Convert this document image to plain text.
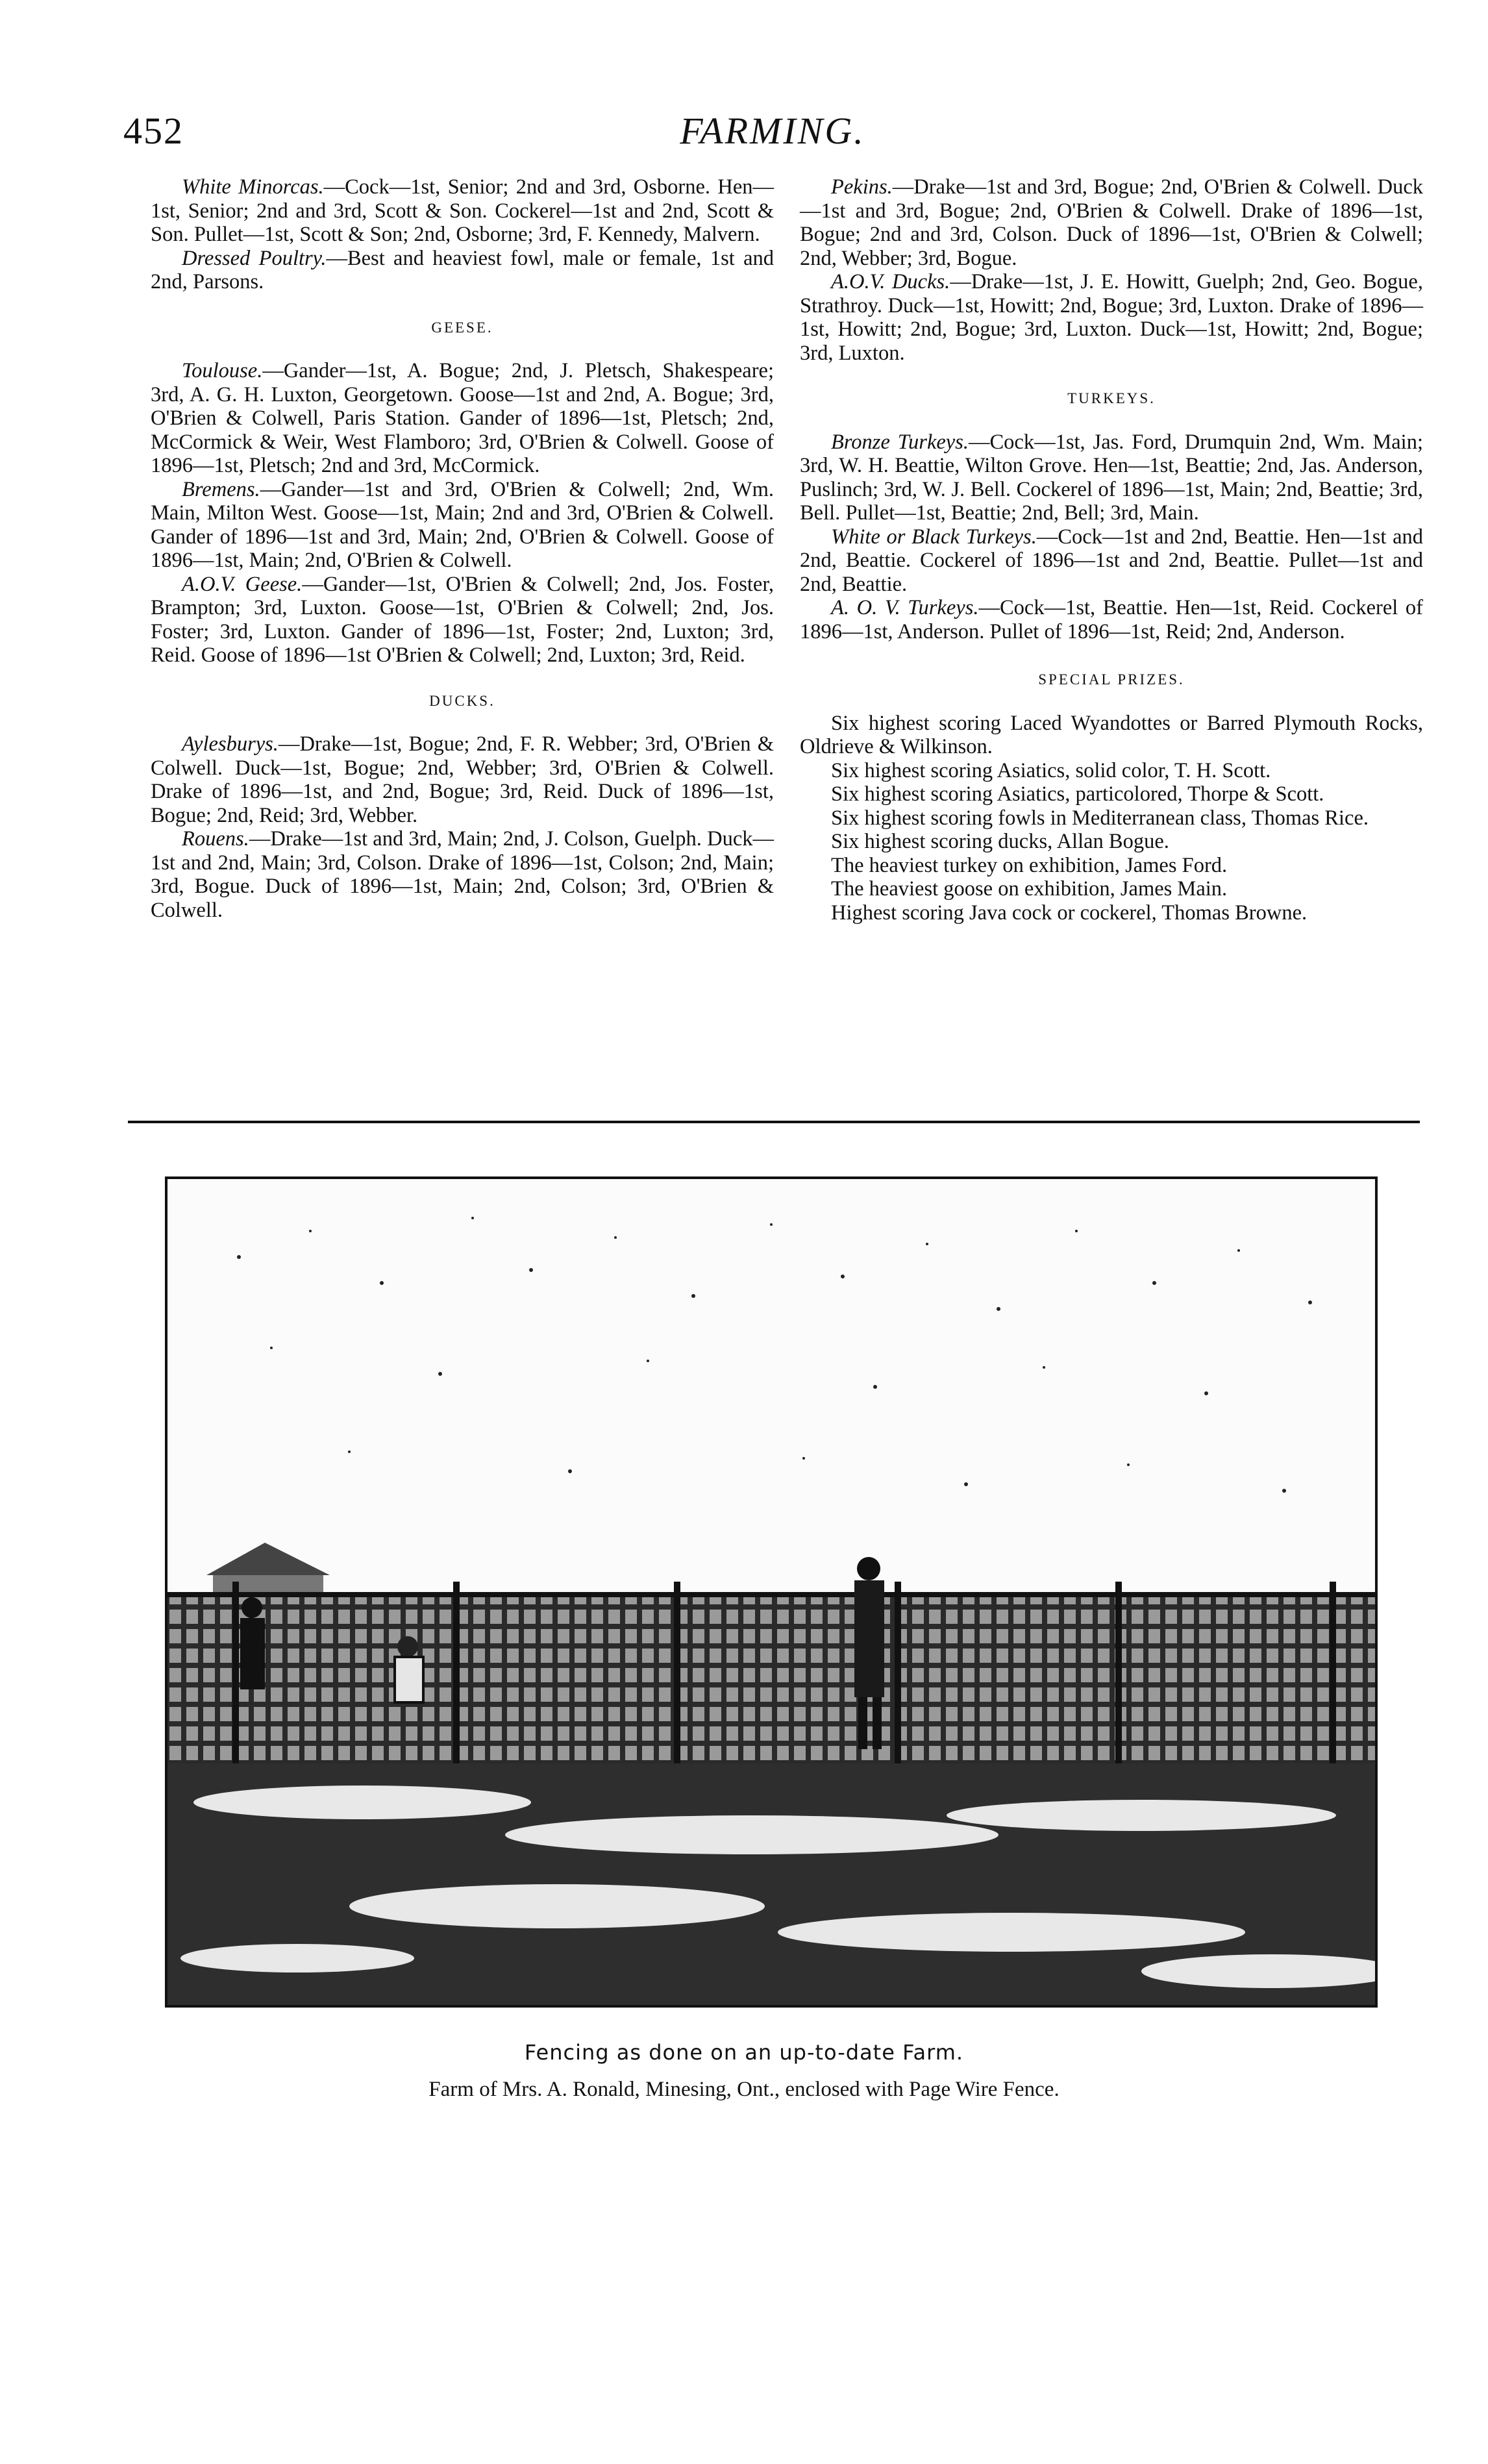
452	FARMING.

White Minorcas.—Cock—1st, Senior; 2nd and 3rd, Osborne. Hen—1st, Senior; 2nd and 3rd, Scott & Son. Cockerel—1st and 2nd, Scott & Son. Pullet—1st, Scott & Son; 2nd, Osborne; 3rd, F. Kennedy, Malvern.

Dressed Poultry.—Best and heaviest fowl, male or female, 1st and 2nd, Parsons.

GEESE.

Toulouse.—Gander—1st, A. Bogue; 2nd, J. Pletsch, Shakespeare; 3rd, A. G. H. Luxton, Georgetown. Goose—1st and 2nd, A. Bogue; 3rd, O'Brien & Colwell, Paris Station. Gander of 1896—1st, Pletsch; 2nd, McCormick & Weir, West Flamboro; 3rd, O'Brien & Colwell. Goose of 1896—1st, Pletsch; 2nd and 3rd, McCormick.

Bremens.—Gander—1st and 3rd, O'Brien & Colwell; 2nd, Wm. Main, Milton West. Goose—1st, Main; 2nd and 3rd, O'Brien & Colwell. Gander of 1896—1st and 3rd, Main; 2nd, O'Brien & Colwell. Goose of 1896—1st, Main; 2nd, O'Brien & Colwell.

A.O.V. Geese.—Gander—1st, O'Brien & Colwell; 2nd, Jos. Foster, Brampton; 3rd, Luxton. Goose—1st, O'Brien & Colwell; 2nd, Jos. Foster; 3rd, Luxton. Gander of 1896—1st, Foster; 2nd, Luxton; 3rd, Reid. Goose of 1896—1st O'Brien & Colwell; 2nd, Luxton; 3rd, Reid.

DUCKS.

Aylesburys.—Drake—1st, Bogue; 2nd, F. R. Webber; 3rd, O'Brien & Colwell. Duck—1st, Bogue; 2nd, Webber; 3rd, O'Brien & Colwell. Drake of 1896—1st, and 2nd, Bogue; 3rd, Reid. Duck of 1896—1st, Bogue; 2nd, Reid; 3rd, Webber.

Rouens.—Drake—1st and 3rd, Main; 2nd, J. Colson, Guelph. Duck—1st and 2nd, Main; 3rd, Colson. Drake of 1896—1st, Colson; 2nd, Main; 3rd, Bogue. Duck of 1896—1st, Main; 2nd, Colson; 3rd, O'Brien & Colwell.

Pekins.—Drake—1st and 3rd, Bogue; 2nd, O'Brien & Colwell. Duck—1st and 3rd, Bogue; 2nd, O'Brien & Colwell. Drake of 1896—1st, Bogue; 2nd and 3rd, Colson. Duck of 1896—1st, O'Brien & Colwell; 2nd, Webber; 3rd, Bogue.

A.O.V. Ducks.—Drake—1st, J. E. Howitt, Guelph; 2nd, Geo. Bogue, Strathroy. Duck—1st, Howitt; 2nd, Bogue; 3rd, Luxton. Drake of 1896—1st, Howitt; 2nd, Bogue; 3rd, Luxton. Duck—1st, Howitt; 2nd, Bogue; 3rd, Luxton.

TURKEYS.

Bronze Turkeys.—Cock—1st, Jas. Ford, Drumquin 2nd, Wm. Main; 3rd, W. H. Beattie, Wilton Grove. Hen—1st, Beattie; 2nd, Jas. Anderson, Puslinch; 3rd, W. J. Bell. Cockerel of 1896—1st, Main; 2nd, Beattie; 3rd, Bell. Pullet—1st, Beattie; 2nd, Bell; 3rd, Main.

White or Black Turkeys.—Cock—1st and 2nd, Beattie. Hen—1st and 2nd, Beattie. Cockerel of 1896—1st and 2nd, Beattie. Pullet—1st and 2nd, Beattie.

A. O. V. Turkeys.—Cock—1st, Beattie. Hen—1st, Reid. Cockerel of 1896—1st, Anderson. Pullet of 1896—1st, Reid; 2nd, Anderson.

SPECIAL PRIZES.

Six highest scoring Laced Wyandottes or Barred Plymouth Rocks, Oldrieve & Wilkinson.

Six highest scoring Asiatics, solid color, T. H. Scott.

Six highest scoring Asiatics, particolored, Thorpe & Scott.

Six highest scoring fowls in Mediterranean class, Thomas Rice.

Six highest scoring ducks, Allan Bogue.

The heaviest turkey on exhibition, James Ford.

The heaviest goose on exhibition, James Main.

Highest scoring Java cock or cockerel, Thomas Browne.

Fencing as done on an up-to-date Farm.
Farm of Mrs. A. Ronald, Minesing, Ont., enclosed with Page Wire Fence.
